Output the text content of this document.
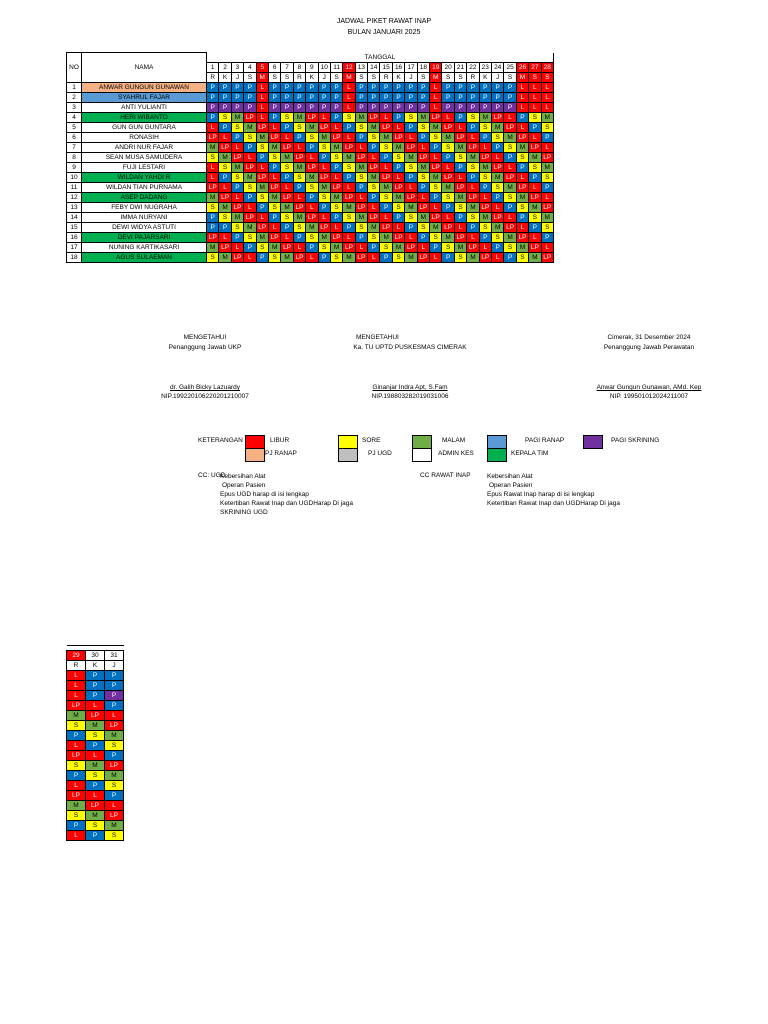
JADWAL PIKET RAWAT INAP
BULAN JANUARI 2025
NO	NAMA	TANGGAL																											
		1	2	3	4	5	6	7	8	9	10	11	12	13	14	15	16	17	18	19	20	21	22	23	24	25	26	27	28
		R	K	J	S	M	S	S	R	K	J	S	M	S	S	R	K	J	S	M	S	S	R	K	J	S	M	S	S
1	ANWAR GUNGUN GUNAWAN	P	P	P	P	L	P	P	P	P	P	P	L	P	P	P	P	P	P	L	P	P	P	P	P	P	L	L	L
2	SYAHRUL FAJAR	P	P	P	P	L	P	P	P	P	P	P	L	P	P	P	P	P	P	L	P	P	P	P	P	P	L	L	L
3	ANTI YULIANTI	P	P	P	P	L	P	P	P	P	P	P	L	P	P	P	P	P	P	L	P	P	P	P	P	P	L	L	L
4	HERI WIBANTO	P	S	M	LP	L	P	S	M	LP	L	P	S	M	LP	L	P	S	M	LP	L	P	S	M	LP	L	P	S	M
5	GUN GUN GUNTARA	L	P	S	M	LP	L	P	S	M	LP	L	P	S	M	LP	L	P	S	M	LP	L	P	S	M	LP	L	P	S
6	RONASIH	LP	L	P	S	M	LP	L	P	S	M	LP	L	P	S	M	LP	L	P	S	M	LP	L	P	S	M	LP	L	P
7	ANDRI NUR FAJAR	M	LP	L	P	S	M	LP	L	P	S	M	LP	L	P	S	M	LP	L	P	S	M	LP	L	P	S	M	LP	L
8	SEAN MUSA SAMUDERA	S	M	LP	L	P	S	M	LP	L	P	S	M	LP	L	P	S	M	LP	L	P	S	M	LP	L	P	S	M	LP
9	FUJI LESTARI	L	S	M	LP	L	P	S	M	LP	L	P	S	M	LP	L	P	S	M	LP	L	P	S	M	LP	L	P	S	M
10	WILDAN YAHDI R	L	P	S	M	LP	L	P	S	M	LP	L	P	S	M	LP	L	P	S	M	LP	L	P	S	M	LP	L	P	S
11	WILDAN TIAN PURNAMA	LP	L	P	S	M	LP	L	P	S	M	LP	L	P	S	M	LP	L	P	S	M	LP	L	P	S	M	LP	L	P
12	ASEP DADANG	M	LP	L	P	S	M	LP	L	P	S	M	LP	L	P	S	M	LP	L	P	S	M	LP	L	P	S	M	LP	L
13	FEBY DWI NUGRAHA	S	M	LP	L	P	S	M	LP	L	P	S	M	LP	L	P	S	M	LP	L	P	S	M	LP	L	P	S	M	LP
14	IMMA NURYANI	P	S	M	LP	L	P	S	M	LP	L	P	S	M	LP	L	P	S	M	LP	L	P	S	M	LP	L	P	S	M
15	DEWI WIDYA ASTUTI	P	P	S	M	LP	L	P	S	M	LP	L	P	S	M	LP	L	P	S	M	LP	L	P	S	M	LP	L	P	S
16	DEVI PAJARSARI	LP	L	P	S	M	LP	L	P	S	M	LP	L	P	S	M	LP	L	P	S	M	LP	L	P	S	M	LP	L	P
17	NUNING KARTIKASARI	M	LP	L	P	S	M	LP	L	P	S	M	LP	L	P	S	M	LP	L	P	S	M	LP	L	P	S	M	LP	L
18	AGUS SULAEMAN	S	M	LP	L	P	S	M	LP	L	P	S	M	LP	L	P	S	M	LP	L	P	S	M	LP	L	P	S	M	LP
MENGETAHUI
Penanggung Jawab UKP
dr. Galih Bicky Lazuardy
NIP.199220106220201210007
MENGETAHUI
Ka. TU UPTD PUSKESMAS CIMERAK
Ginanjar Indra Apt, S.Fam
NIP.198803282019031006
Cimerak, 31 Desember 2024
Penanggung Jawab Perawatan
Anwar Gungun Gunawan, AMd. Kep
NIP. 199501012024211007
KETERANGAN	LIBUR	SORE	MALAM	PAGI RANAP	PAGI SKRINING
PJ RANAP	PJ UGD	ADMIN KES	KEPALA TIM
CC: UGD
Kebersihan Alat
Operan Pasien
Epus UGD harap di isi lengkap
Ketertiban Rawat Inap dan UGDHarap Di jaga
SKRINING UGD
CC RAWAT INAP	Kebersihan Alat
Operan Pasien
Epus Rawat Inap harap di isi lengkap
Ketertiban Rawat Inap dan UGDHarap Di jaga

29	30	31
R	K	J
L	P	P
L	P	P
L	P	P
LP	L	P
M	LP	L
S	M	LP
P	S	M
L	P	S
LP	L	P
S	M	LP
P	S	M
L	P	S
LP	L	P
M	LP	L
S	M	LP
P	S	M
L	P	S
